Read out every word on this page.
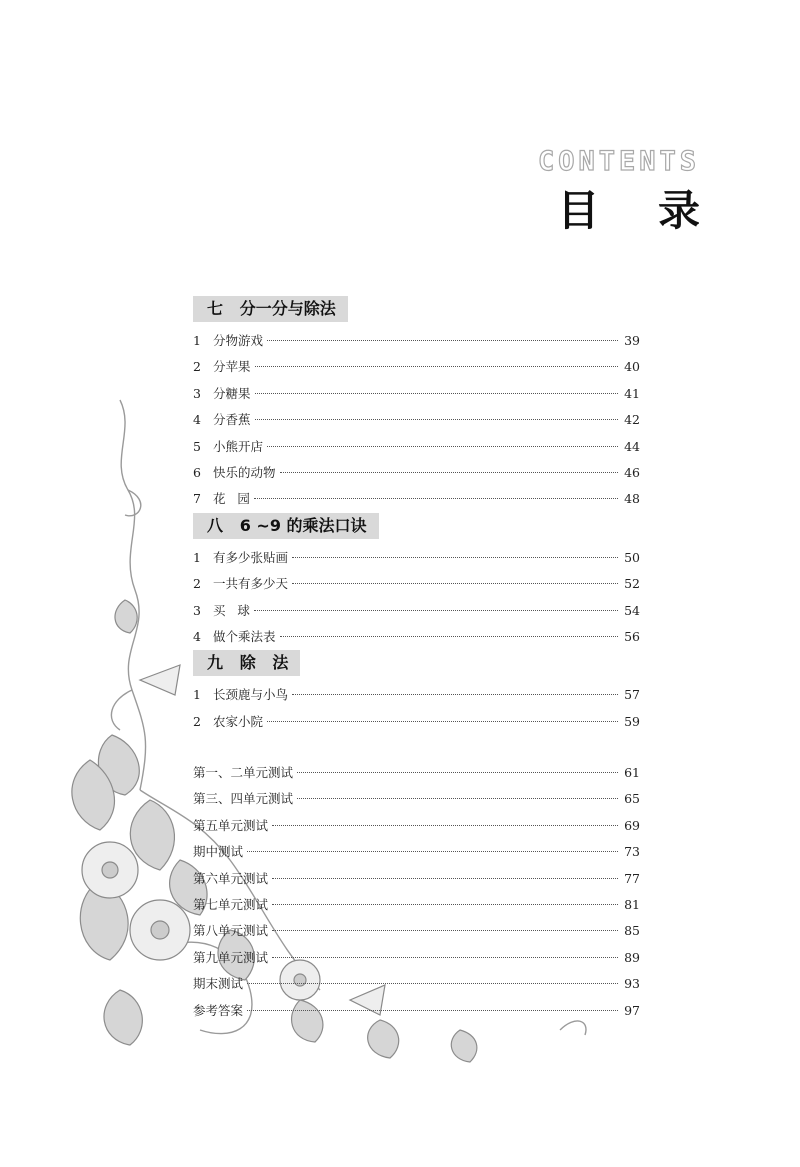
CONTENTS
目 录
七   分一分与除法
1 分物游戏	39
2 分苹果	40
3 分糖果	41
4 分香蕉	42
5 小熊开店	44
6 快乐的动物	46
7 花   园	48
八   6 ~9 的乘法口诀
1 有多少张贴画	50
2 一共有多少天	52
3 买   球	54
4 做个乘法表	56
九   除   法
1 长颈鹿与小鸟	57
2 农家小院	59
第一、二单元测试	61
第三、四单元测试	65
第五单元测试	69
期中测试	73
第六单元测试	77
第七单元测试	81
第八单元测试	85
第九单元测试	89
期末测试	93
参考答案	97
